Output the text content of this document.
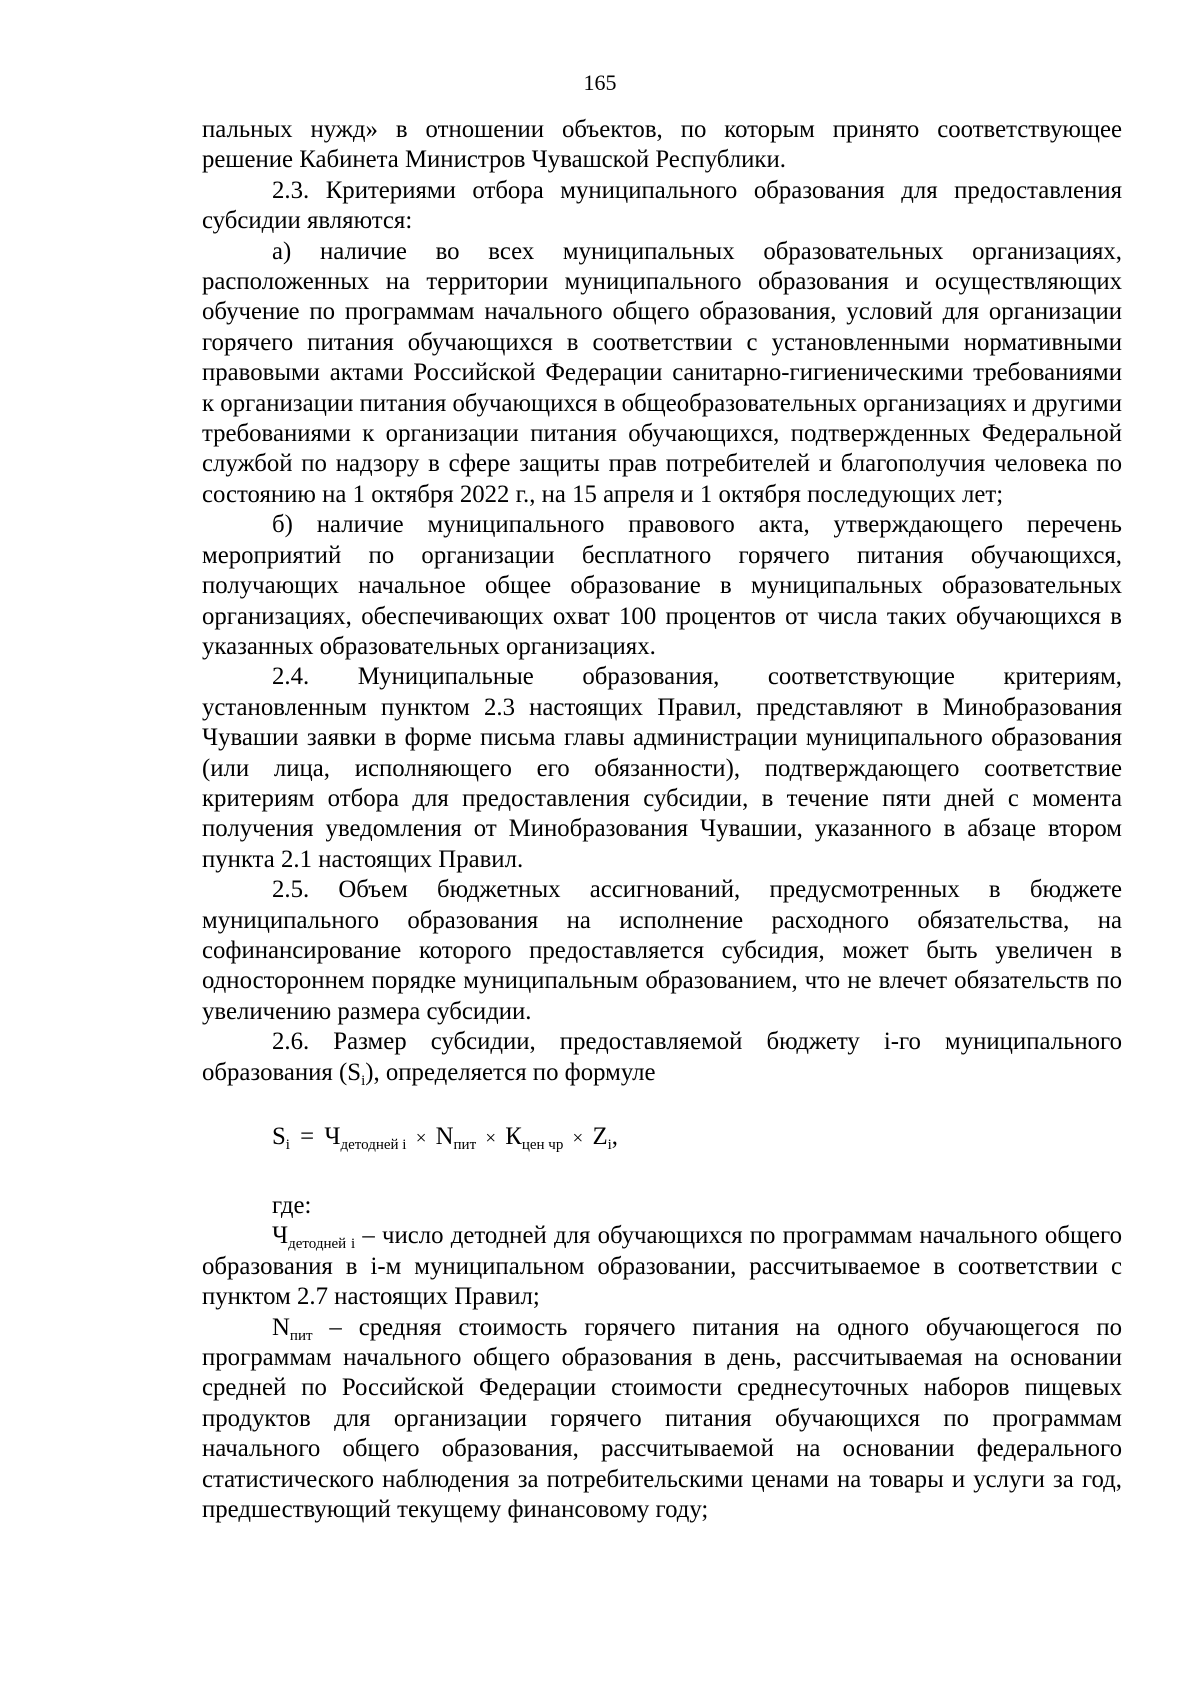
165

пальных нужд» в отношении объектов, по которым принято соответствующее решение Кабинета Министров Чувашской Республики.

2.3. Критериями отбора муниципального образования для предоставления субсидии являются:

а) наличие во всех муниципальных образовательных организациях, расположенных на территории муниципального образования и осуществляющих обучение по программам начального общего образования, условий для организации горячего питания обучающихся в соответствии с установленными нормативными правовыми актами Российской Федерации санитарно-гигиеническими требованиями к организации питания обучающихся в общеобразовательных организациях и другими требованиями к организации питания обучающихся, подтвержденных Федеральной службой по надзору в сфере защиты прав потребителей и благополучия человека по состоянию на 1 октября 2022 г., на 15 апреля и 1 октября последующих лет;

б) наличие муниципального правового акта, утверждающего перечень мероприятий по организации бесплатного горячего питания обучающихся, получающих начальное общее образование в муниципальных образовательных организациях, обеспечивающих охват 100 процентов от числа таких обучающихся в указанных образовательных организациях.

2.4. Муниципальные образования, соответствующие критериям, установленным пунктом 2.3 настоящих Правил, представляют в Минобразования Чувашии заявки в форме письма главы администрации муниципального образования (или лица, исполняющего его обязанности), подтверждающего соответствие критериям отбора для предоставления субсидии, в течение пяти дней с момента получения уведомления от Минобразования Чувашии, указанного в абзаце втором пункта 2.1 настоящих Правил.

2.5. Объем бюджетных ассигнований, предусмотренных в бюджете муниципального образования на исполнение расходного обязательства, на софинансирование которого предоставляется субсидия, может быть увеличен в одностороннем порядке муниципальным образованием, что не влечет обязательств по увеличению размера субсидии.

2.6. Размер субсидии, предоставляемой бюджету i-го муниципального образования $(S_i)$, определяется по формуле

$S_i = Ч_{детодней i} \times N_{пит} \times К_{цен чр} \times Z_i$,

где:

$Ч_{детодней i}$ – число детодней для обучающихся по программам начального общего образования в i-м муниципальном образовании, рассчитываемое в соответствии с пунктом 2.7 настоящих Правил;

$N_{пит}$ – средняя стоимость горячего питания на одного обучающегося по программам начального общего образования в день, рассчитываемая на основании средней по Российской Федерации стоимости среднесуточных наборов пищевых продуктов для организации горячего питания обучающихся по программам начального общего образования, рассчитываемой на основании федерального статистического наблюдения за потребительскими ценами на товары и услуги за год, предшествующий текущему финансовому году;
